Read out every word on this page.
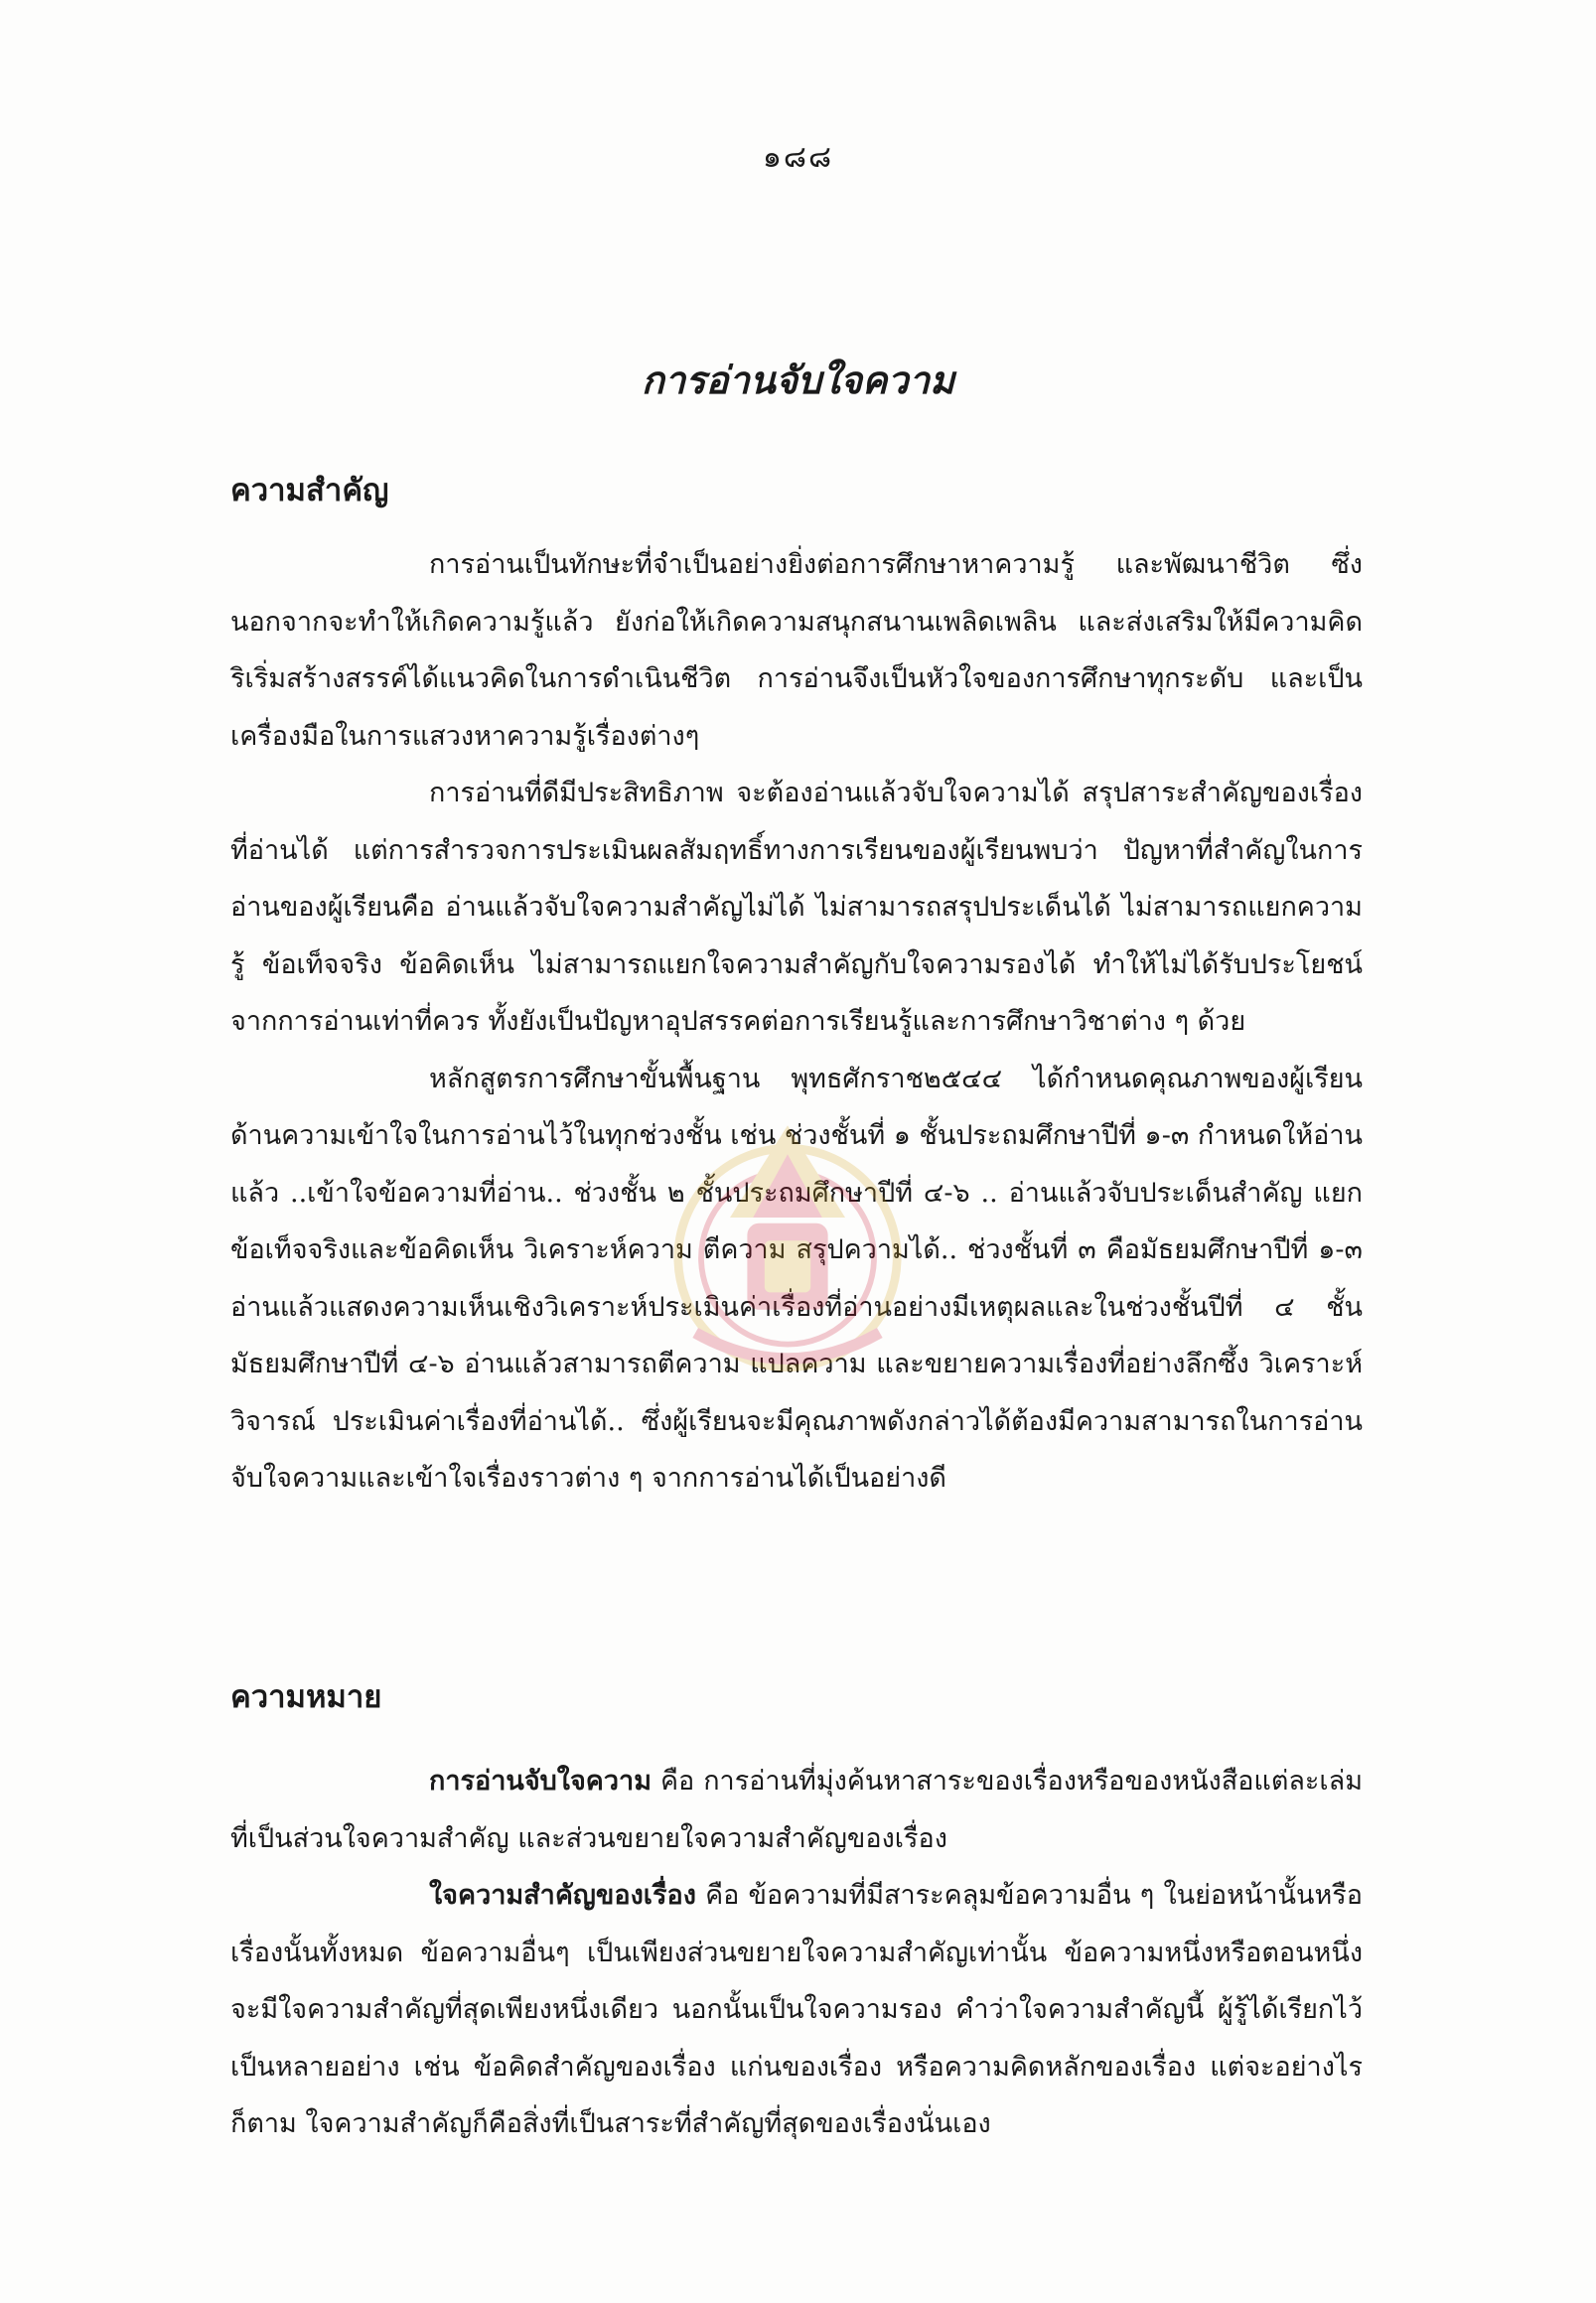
๑๘๘
การอ่านจับใจความ
ความสำคัญ

การอ่านเป็นทักษะที่จำเป็นอย่างยิ่งต่อการศึกษาหาความรู้ และพัฒนาชีวิต ซึ่งนอกจากจะทำให้เกิดความรู้แล้ว ยังก่อให้เกิดความสนุกสนานเพลิดเพลิน และส่งเสริมให้มีความคิดริเริ่มสร้างสรรค์ได้แนวคิดในการดำเนินชีวิต การอ่านจึงเป็นหัวใจของการศึกษาทุกระดับ และเป็นเครื่องมือในการแสวงหาความรู้เรื่องต่างๆ

การอ่านที่ดีมีประสิทธิภาพ จะต้องอ่านแล้วจับใจความได้ สรุปสาระสำคัญของเรื่องที่อ่านได้ แต่การสำรวจการประเมินผลสัมฤทธิ์ทางการเรียนของผู้เรียนพบว่า ปัญหาที่สำคัญในการอ่านของผู้เรียนคือ อ่านแล้วจับใจความสำคัญไม่ได้ ไม่สามารถสรุปประเด็นได้ ไม่สามารถแยกความรู้ ข้อเท็จจริง ข้อคิดเห็น ไม่สามารถแยกใจความสำคัญกับใจความรองได้ ทำให้ไม่ได้รับประโยชน์จากการอ่านเท่าที่ควร ทั้งยังเป็นปัญหาอุปสรรคต่อการเรียนรู้และการศึกษาวิชาต่าง ๆ ด้วย

หลักสูตรการศึกษาขั้นพื้นฐาน พุทธศักราช๒๕๔๔ ได้กำหนดคุณภาพของผู้เรียนด้านความเข้าใจในการอ่านไว้ในทุกช่วงชั้น เช่น ช่วงชั้นที่ ๑ ชั้นประถมศึกษาปีที่ ๑-๓ กำหนดให้อ่านแล้ว ..เข้าใจข้อความที่อ่าน.. ช่วงชั้น ๒ ชั้นประถมศึกษาปีที่ ๔-๖ .. อ่านแล้วจับประเด็นสำคัญ แยกข้อเท็จจริงและข้อคิดเห็น วิเคราะห์ความ ตีความ สรุปความได้.. ช่วงชั้นที่ ๓ คือมัธยมศึกษาปีที่ ๑-๓ อ่านแล้วแสดงความเห็นเชิงวิเคราะห์ประเมินค่าเรื่องที่อ่านอย่างมีเหตุผลและในช่วงชั้นปีที่ ๔ ชั้นมัธยมศึกษาปีที่ ๔-๖ อ่านแล้วสามารถตีความ แปลความ และขยายความเรื่องที่อย่างลึกซึ้ง วิเคราะห์ วิจารณ์ ประเมินค่าเรื่องที่อ่านได้.. ซึ่งผู้เรียนจะมีคุณภาพดังกล่าวได้ต้องมีความสามารถในการอ่านจับใจความและเข้าใจเรื่องราวต่าง ๆ จากการอ่านได้เป็นอย่างดี

ความหมาย

การอ่านจับใจความ คือ การอ่านที่มุ่งค้นหาสาระของเรื่องหรือของหนังสือแต่ละเล่มที่เป็นส่วนใจความสำคัญ และส่วนขยายใจความสำคัญของเรื่อง

ใจความสำคัญของเรื่อง คือ ข้อความที่มีสาระคลุมข้อความอื่น ๆ ในย่อหน้านั้นหรือเรื่องนั้นทั้งหมด ข้อความอื่นๆ เป็นเพียงส่วนขยายใจความสำคัญเท่านั้น ข้อความหนึ่งหรือตอนหนึ่งจะมีใจความสำคัญที่สุดเพียงหนึ่งเดียว นอกนั้นเป็นใจความรอง คำว่าใจความสำคัญนี้ ผู้รู้ได้เรียกไว้เป็นหลายอย่าง เช่น ข้อคิดสำคัญของเรื่อง แก่นของเรื่อง หรือความคิดหลักของเรื่อง แต่จะอย่างไรก็ตาม ใจความสำคัญก็คือสิ่งที่เป็นสาระที่สำคัญที่สุดของเรื่องนั่นเอง
